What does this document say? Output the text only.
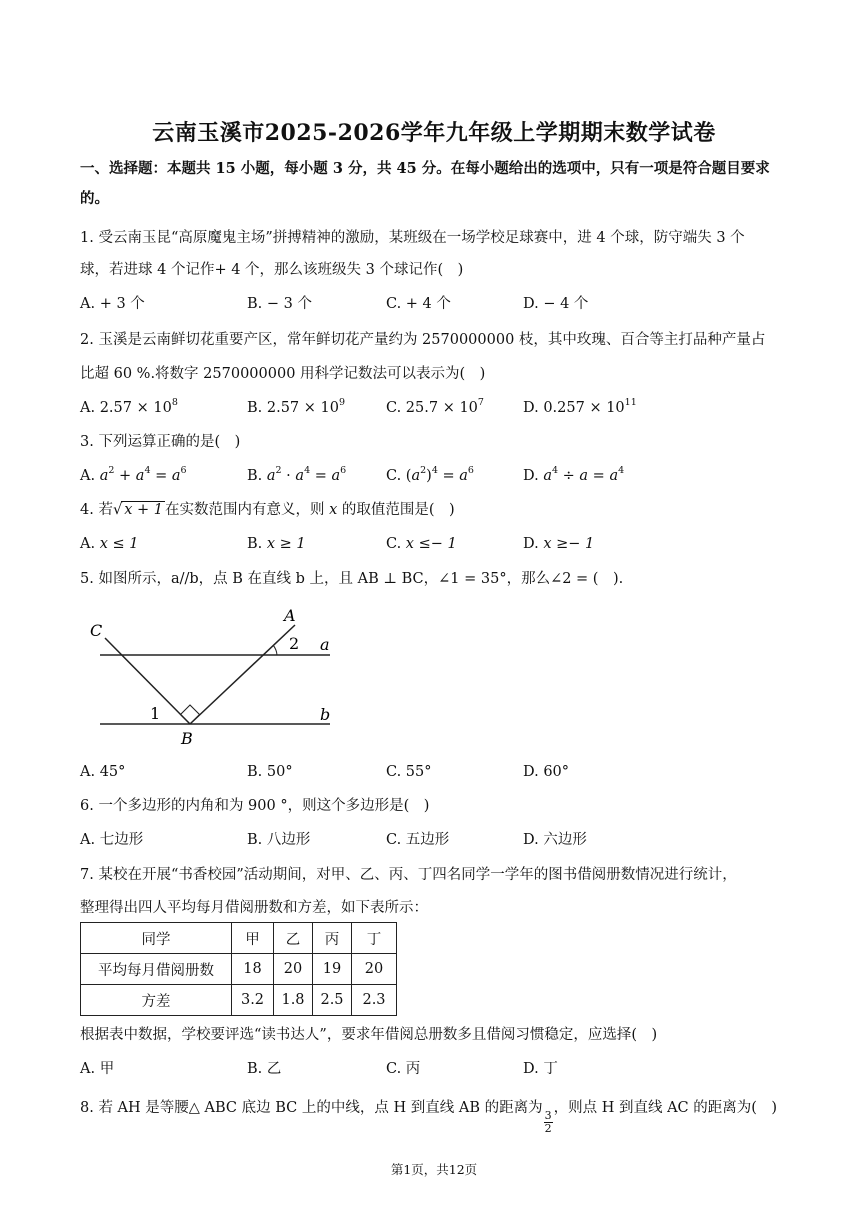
云南玉溪市2025-2026学年九年级上学期期末数学试卷
一、选择题：本题共 15 小题，每小题 3 分，共 45 分。在每小题给出的选项中，只有一项是符合题目要求
的。
1. 受云南玉昆“高原魔鬼主场”拼搏精神的激励，某班级在一场学校足球赛中，进 4 个球，防守端失 3 个
球，若进球 4 个记作+ 4 个，那么该班级失 3 个球记作(　)
A. + 3 个	B. − 3 个	C. + 4 个	D. − 4 个
2. 玉溪是云南鲜切花重要产区，常年鲜切花产量约为 2570000000 枝，其中玫瑰、百合等主打品种产量占
比超 60 %.将数字 2570000000 用科学记数法可以表示为(　)
A. $2.57 \times 10^8$	B. $2.57 \times 10^9$	C. $25.7 \times 10^7$	D. $0.257 \times 10^{11}$
3. 下列运算正确的是(　)
A. $a^2 + a^4 = a^6$	B. $a^2 \cdot a^4 = a^6$	C. $(a^2)^4 = a^6$	D. $a^4 \div a = a^4$
4. 若√ x + 1 在实数范围内有意义，则 x 的取值范围是(　)
A. x ≤ 1	B. x ≥ 1	C. x ≤− 1	D. x ≥− 1
5. 如图所示，a//b，点 B 在直线 b 上，且 AB ⊥ BC，∠1 = 35°，那么∠2 = (　).
C
A
2 a
1	b
B
A. 45°	B. 50°	C. 55°	D. 60°
6. 一个多边形的内角和为 900 °，则这个多边形是(　)
A. 七边形	B. 八边形	C. 五边形	D. 六边形
7. 某校在开展“书香校园”活动期间，对甲、乙、丙、丁四名同学一学年的图书借阅册数情况进行统计，
整理得出四人平均每月借阅册数和方差，如下表所示：
同学	甲	乙	丙	丁
平均每月借阅册数	18	20	19	20
方差	3.2	1.8	2.5	2.3
根据表中数据，学校要评选“读书达人”，要求年借阅总册数多且借阅习惯稳定，应选择(　)
A. 甲	B. 乙	C. 丙	D. 丁
8. 若 AH 是等腰△ ABC 底边 BC 上的中线，点 H 到直线 AB 的距离为
$\frac{3}{2}$
，则点 H 到直线 AC 的距离为(　)
第1页，共12页
